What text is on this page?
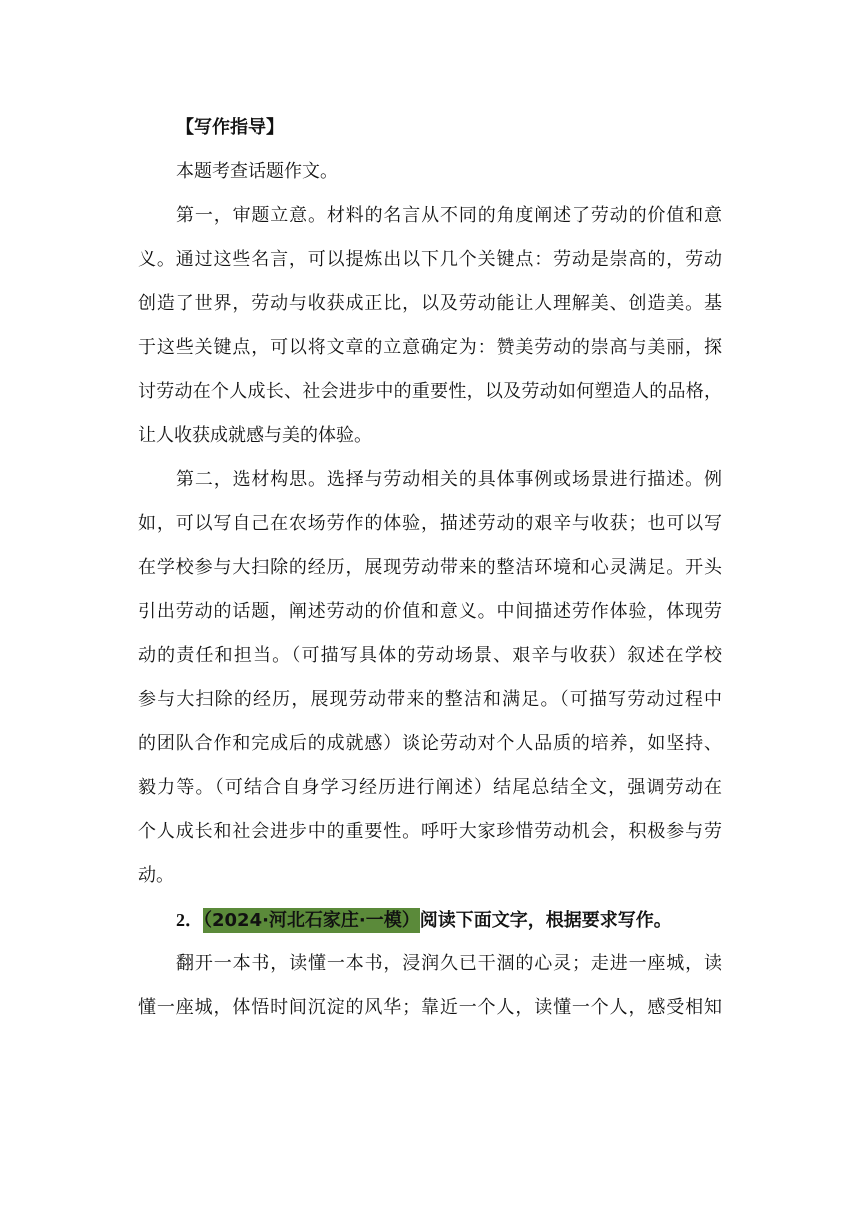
【写作指导】
本题考查话题作文。
第一，审题立意。材料的名言从不同的角度阐述了劳动的价值和意
义。通过这些名言，可以提炼出以下几个关键点：劳动是崇高的，劳动
创造了世界，劳动与收获成正比，以及劳动能让人理解美、创造美。基
于这些关键点，可以将文章的立意确定为：赞美劳动的崇高与美丽，探
讨劳动在个人成长、社会进步中的重要性，以及劳动如何塑造人的品格，
让人收获成就感与美的体验。
第二，选材构思。选择与劳动相关的具体事例或场景进行描述。例
如，可以写自己在农场劳作的体验，描述劳动的艰辛与收获；也可以写
在学校参与大扫除的经历，展现劳动带来的整洁环境和心灵满足。开头
引出劳动的话题，阐述劳动的价值和意义。中间描述劳作体验，体现劳
动的责任和担当。（可描写具体的劳动场景、艰辛与收获）叙述在学校
参与大扫除的经历，展现劳动带来的整洁和满足。（可描写劳动过程中
的团队合作和完成后的成就感）谈论劳动对个人品质的培养，如坚持、
毅力等。（可结合自身学习经历进行阐述）结尾总结全文，强调劳动在
个人成长和社会进步中的重要性。呼吁大家珍惜劳动机会，积极参与劳
动。
2．（2024·河北石家庄·一模）阅读下面文字，根据要求写作。
翻开一本书，读懂一本书，浸润久已干涸的心灵；走进一座城，读
懂一座城，体悟时间沉淀的风华；靠近一个人，读懂一个人，感受相知
